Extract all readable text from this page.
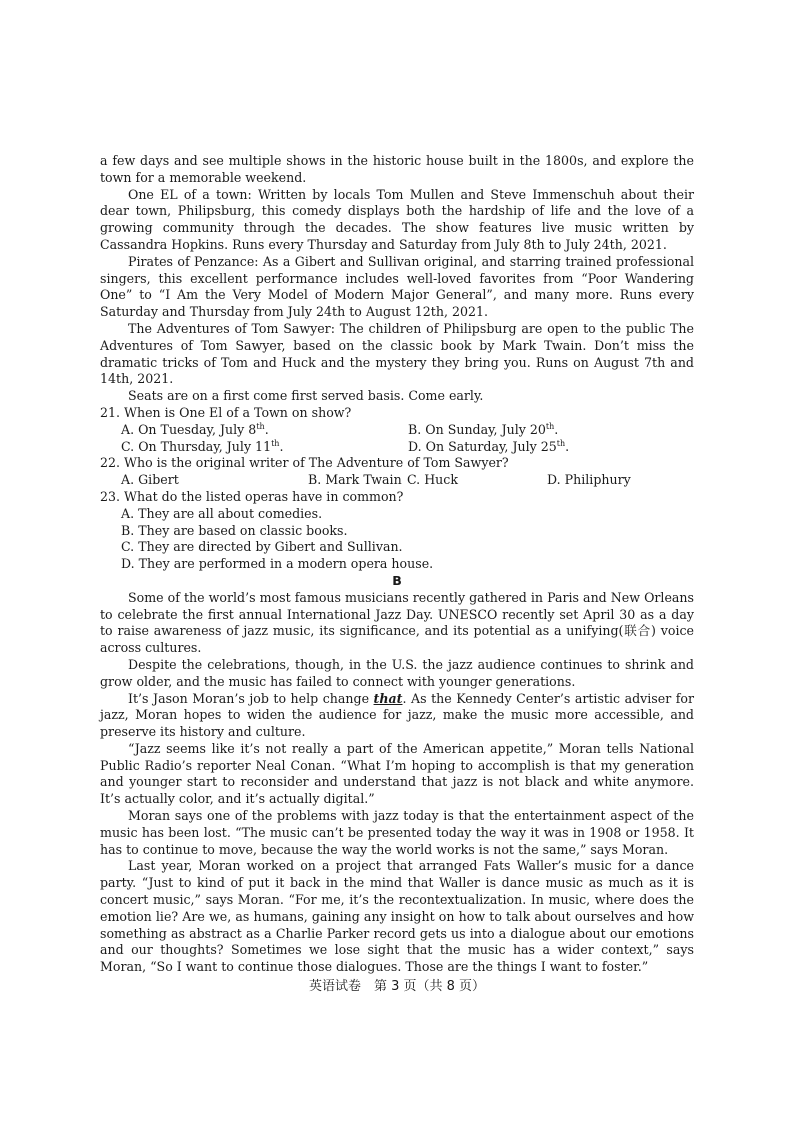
a few days and see multiple shows in the historic house built in the 1800s, and explore the town for a memorable weekend.

One EL of a town: Written by locals Tom Mullen and Steve Immenschuh about their dear town, Philipsburg, this comedy displays both the hardship of life and the love of a growing community through the decades. The show features live music written by Cassandra Hopkins. Runs every Thursday and Saturday from July 8th to July 24th, 2021.

Pirates of Penzance: As a Gibert and Sullivan original, and starring trained professional singers, this excellent performance includes well-loved favorites from “Poor Wandering One” to “I Am the Very Model of Modern Major General”, and many more. Runs every Saturday and Thursday from July 24th to August 12th, 2021.

The Adventures of Tom Sawyer: The children of Philipsburg are open to the public The Adventures of Tom Sawyer, based on the classic book by Mark Twain. Don’t miss the dramatic tricks of Tom and Huck and the mystery they bring you. Runs on August 7th and 14th, 2021.

Seats are on a first come first served basis. Come early.

21. When is One El of a Town on show?

A. On Tuesday, July 8th.	B. On Sunday, July 20th.
C. On Thursday, July 11th.	D. On Saturday, July 25th.

22. Who is the original writer of The Adventure of Tom Sawyer?

A. Gibert	B. Mark Twain C. Huck	D. Philiphury

23. What do the listed operas have in common?

A. They are all about comedies.

B. They are based on classic books.

C. They are directed by Gibert and Sullivan.

D. They are performed in a modern opera house.

B

Some of the world’s most famous musicians recently gathered in Paris and New Orleans to celebrate the first annual International Jazz Day. UNESCO recently set April 30 as a day to raise awareness of jazz music, its significance, and its potential as a unifying(联合) voice across cultures.

Despite the celebrations, though, in the U.S. the jazz audience continues to shrink and grow older, and the music has failed to connect with younger generations.

It’s Jason Moran’s job to help change that. As the Kennedy Center’s artistic adviser for jazz, Moran hopes to widen the audience for jazz, make the music more accessible, and preserve its history and culture.

“Jazz seems like it’s not really a part of the American appetite,” Moran tells National Public Radio’s reporter Neal Conan. “What I’m hoping to accomplish is that my generation and younger start to reconsider and understand that jazz is not black and white anymore. It’s actually color, and it’s actually digital.”

Moran says one of the problems with jazz today is that the entertainment aspect of the music has been lost. “The music can’t be presented today the way it was in 1908 or 1958. It has to continue to move, because the way the world works is not the same,” says Moran.

Last year, Moran worked on a project that arranged Fats Waller’s music for a dance party. “Just to kind of put it back in the mind that Waller is dance music as much as it is concert music,” says Moran. “For me, it’s the recontextualization. In music, where does the emotion lie? Are we, as humans, gaining any insight on how to talk about ourselves and how something as abstract as a Charlie Parker record gets us into a dialogue about our emotions and our thoughts? Sometimes we lose sight that the music has a wider context,” says Moran, “So I want to continue those dialogues. Those are the things I want to foster.”

英语试卷　第 3 页（共 8 页）
